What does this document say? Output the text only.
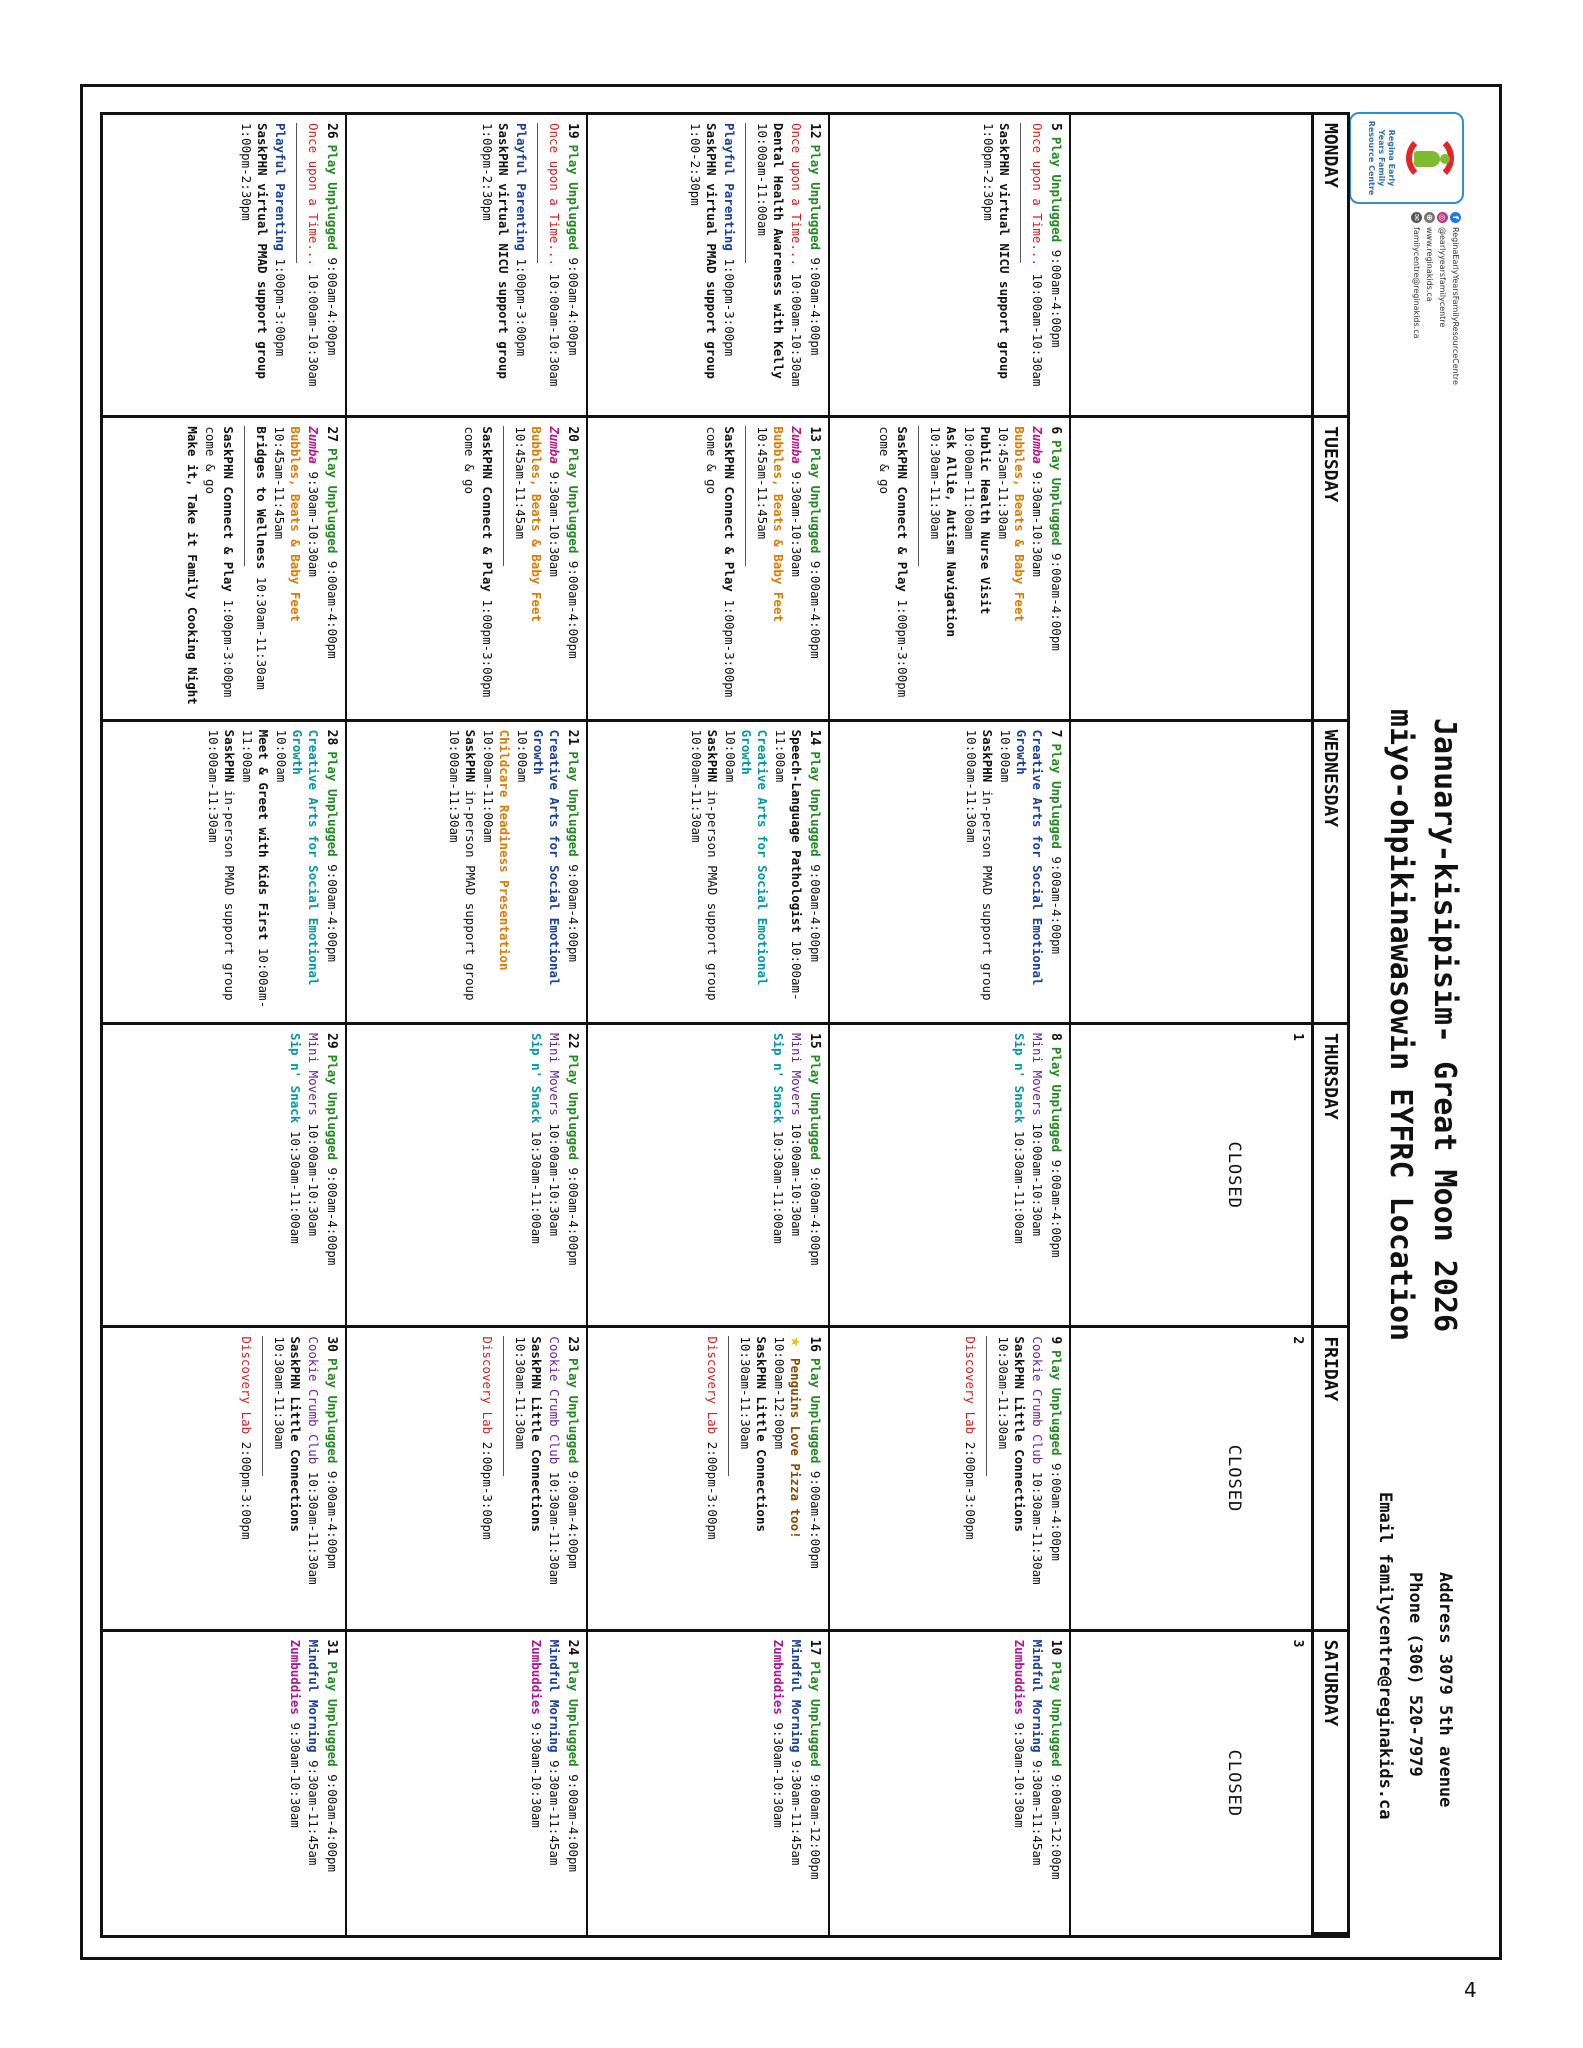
Regina Early Years Family Resource Centre
f
ReginaEarlyYearsFamilyResourceCentre
◎
@earlyyearsfamilycentre
⊕
www.reginakids.ca
✉
familycentre@reginakids.ca
January-kisipisim- Great Moon 2026
miyo-ohpikinawasowin EYFRC Location
Address 3079 5th avenue
Phone (306) 520-7979
Email familycentre@reginakids.ca
MONDAY
TUESDAY
WEDNESDAY
THURSDAY
FRIDAY
SATURDAY
1
CLOSED
2
CLOSED
3
CLOSED
5Play Unplugged 9:00am-4:00pm
Once upon a Time... 10:00am-10:30am
SaskPHN virtual NICU support group
1:00pm-2:30pm
6Play Unplugged 9:00am-4:00pm
Zumba 9:30am-10:30am
Bubbles, Beats & Baby Feet
10:45am-11:30am
Public Health Nurse Visit
10:00am-11:00am
Ask Allie, Autism Navigation
10:30am-11:30am
SaskPHN Connect & Play 1:00pm-3:00pm
come & go
7Play Unplugged 9:00am-4:00pm
Creative Arts for Social Emotional Growth
10:00am
SaskPHN in-person PMAD support group 10:00am-11:30am
8Play Unplugged 9:00am-4:00pm
Mini Movers 10:00am-10:30am
Sip n' Snack 10:30am-11:00am
9Play Unplugged 9:00am-4:00pm
Cookie Crumb Club 10:30am-11:30am
SaskPHN Little Connections
10:30am-11:30am
Discovery Lab 2:00pm-3:00pm
10Play Unplugged 9:00am-12:00pm
Mindful Morning 9:30am-11:45am
Zumbuddies 9:30am-10:30am
12Play Unplugged 9:00am-4:00pm
Once upon a Time... 10:00am-10:30am
Dental Health Awareness with Kelly
10:00am-11:00am
Playful Parenting 1:00pm-3:00pm
SaskPHN virtual PMAD support group
1:00-2:30pm
13Play Unplugged 9:00am-4:00pm
Zumba 9:30am-10:30am
Bubbles, Beats & Baby Feet
10:45am-11:45am
SaskPHN Connect & Play 1:00pm-3:00pm
come & go
14Play Unplugged 9:00am-4:00pm
Speech-Language Pathologist 10:00am-11:00am
Creative Arts for Social Emotional Growth
10:00am
SaskPHN in-person PMAD support group 10:00am-11:30am
15Play Unplugged 9:00am-4:00pm
Mini Movers 10:00am-10:30am
Sip n' Snack 10:30am-11:00am
16Play Unplugged 9:00am-4:00pm
★ Penguins Love Pizza too!
10:00am-12:00pm
SaskPHN Little Connections
10:30am-11:30am
Discovery Lab 2:00pm-3:00pm
17Play Unplugged 9:00am-12:00pm
Mindful Morning 9:30am-11:45am
Zumbuddies 9:30am-10:30am
19Play Unplugged 9:00am-4:00pm
Once upon a Time... 10:00am-10:30am
Playful Parenting 1:00pm-3:00pm
SaskPHN virtual NICU support group
1:00pm-2:30pm
20Play Unplugged 9:00am-4:00pm
Zumba 9:30am-10:30am
Bubbles, Beats & Baby Feet
10:45am-11:45am
SaskPHN Connect & Play 1:00pm-3:00pm
come & go
21Play Unplugged 9:00am-4:00pm
Creative Arts for Social Emotional Growth
10:00am
Childcare Readiness Presentation
10:00am-11:00am
SaskPHN in-person PMAD support group 10:00am-11:30am
22Play Unplugged 9:00am-4:00pm
Mini Movers 10:00am-10:30am
Sip n' Snack 10:30am-11:00am
23Play Unplugged 9:00am-4:00pm
Cookie Crumb Club 10:30am-11:30am
SaskPHN Little Connections
10:30am-11:30am
Discovery Lab 2:00pm-3:00pm
24Play Unplugged 9:00am-4:00pm
Mindful Morning 9:30am-11:45am
Zumbuddies 9:30am-10:30am
26Play Unplugged 9:00am-4:00pm
Once upon a Time... 10:00am-10:30am
Playful Parenting 1:00pm-3:00pm
SaskPHN virtual PMAD support group
1:00pm-2:30pm
27Play Unplugged 9:00am-4:00pm
Zumba 9:30am-10:30am
Bubbles, Beats & Baby Feet
10:45am-11:45am
Bridges to Wellness 10:30am-11:30am
SaskPHN Connect & Play 1:00pm-3:00pm
come & go
Make it, Take it Family Cooking Night
28Play Unplugged 9:00am-4:00pm
Creative Arts for Social Emotional Growth
10:00am
Meet & Greet with Kids First 10:00am-11:00am
SaskPHN in-person PMAD support group 10:00am-11:30am
29Play Unplugged 9:00am-4:00pm
Mini Movers 10:00am-10:30am
Sip n' Snack 10:30am-11:00am
30Play Unplugged 9:00am-4:00pm
Cookie Crumb Club 10:30am-11:30am
SaskPHN Little Connections
10:30am-11:30am
Discovery Lab 2:00pm-3:00pm
31Play Unplugged 9:00am-4:00pm
Mindful Morning 9:30am-11:45am
Zumbuddies 9:30am-10:30am
4
